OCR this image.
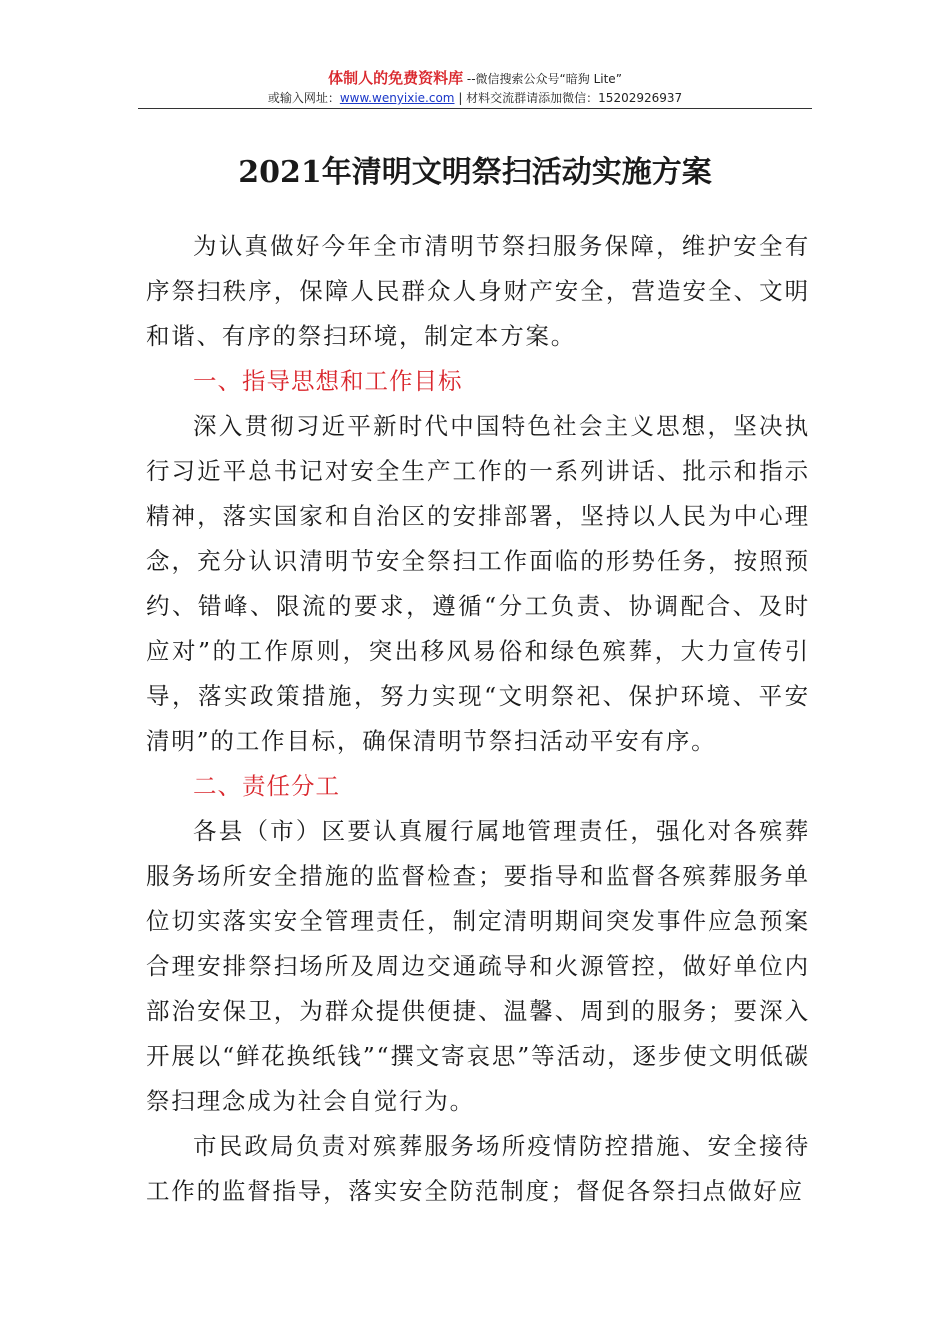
体制人的免费资料库 --微信搜索公众号“暗狗 Lite”
或输入网址：www.wenyixie.com | 材料交流群请添加微信：15202926937
2021年清明文明祭扫活动实施方案

为认真做好今年全市清明节祭扫服务保障，维护安全有序祭扫秩序，保障人民群众人身财产安全，营造安全、文明和谐、有序的祭扫环境，制定本方案。

一、指导思想和工作目标

深入贯彻习近平新时代中国特色社会主义思想，坚决执行习近平总书记对安全生产工作的一系列讲话、批示和指示精神，落实国家和自治区的安排部署，坚持以人民为中心理念，充分认识清明节安全祭扫工作面临的形势任务，按照预约、错峰、限流的要求，遵循“分工负责、协调配合、及时应对”的工作原则，突出移风易俗和绿色殡葬，大力宣传引导，落实政策措施，努力实现“文明祭祀、保护环境、平安清明”的工作目标，确保清明节祭扫活动平安有序。

二、责任分工

各县（市）区要认真履行属地管理责任，强化对各殡葬服务场所安全措施的监督检查；要指导和监督各殡葬服务单位切实落实安全管理责任，制定清明期间突发事件应急预案合理安排祭扫场所及周边交通疏导和火源管控，做好单位内部治安保卫，为群众提供便捷、温馨、周到的服务；要深入开展以“鲜花换纸钱”“撰文寄哀思”等活动，逐步使文明低碳祭扫理念成为社会自觉行为。

市民政局负责对殡葬服务场所疫情防控措施、安全接待工作的监督指导，落实安全防范制度；督促各祭扫点做好应
